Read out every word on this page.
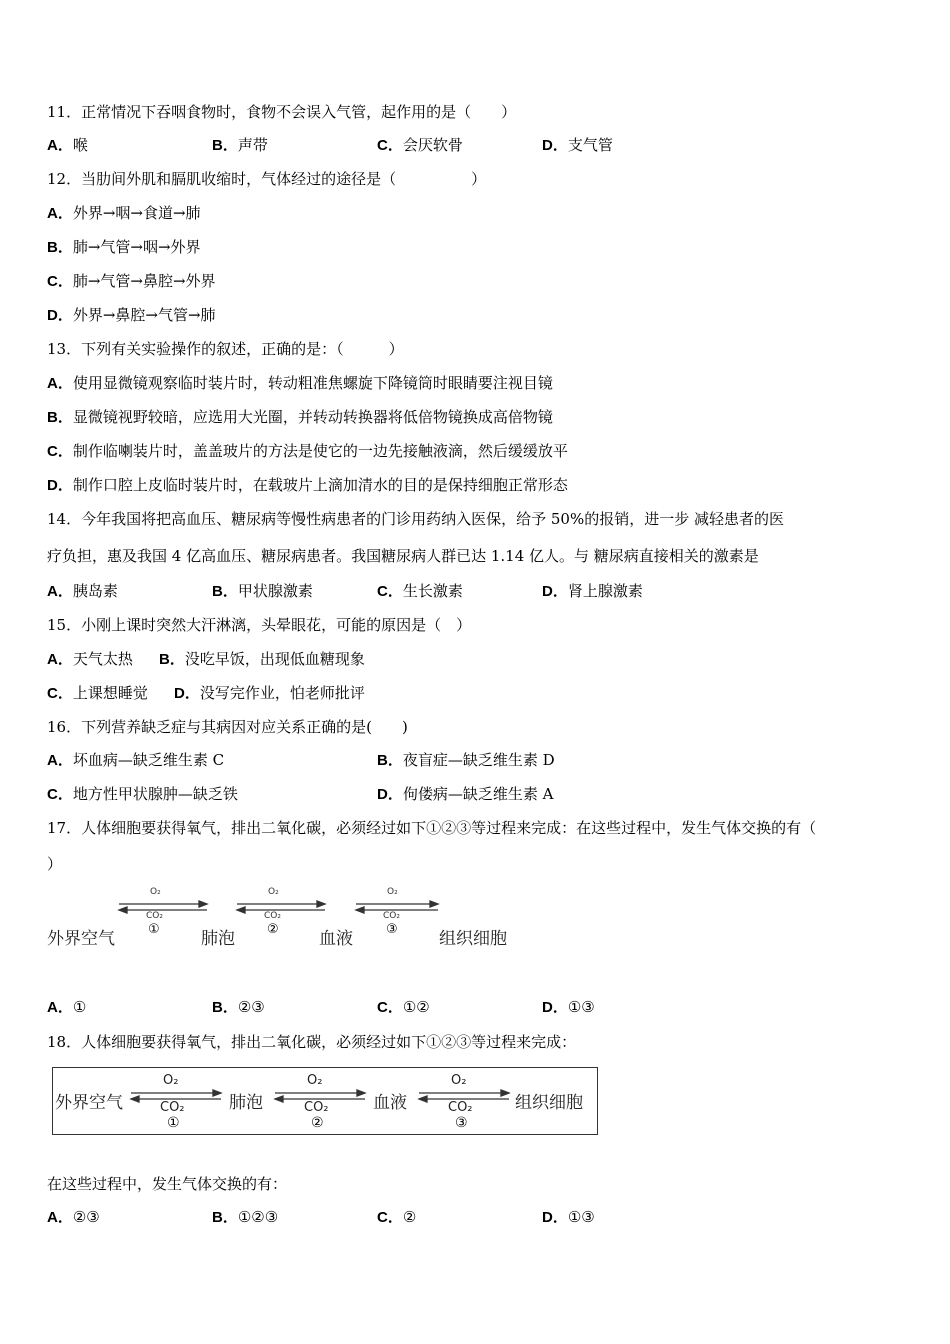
11．正常情况下吞咽食物时，食物不会误入气管，起作用的是（　　）
A．喉	B．声带	C．会厌软骨	D．支气管
12．当肋间外肌和膈肌收缩时，气体经过的途径是（　　　　　）
A．外界→咽→食道→肺
B．肺→气管→咽→外界
C．肺→气管→鼻腔→外界
D．外界→鼻腔→气管→肺
13．下列有关实验操作的叙述，正确的是：（　　　）
A．使用显微镜观察临时装片时，转动粗准焦螺旋下降镜筒时眼睛要注视目镜
B．显微镜视野较暗，应选用大光圈，并转动转换器将低倍物镜换成高倍物镜
C．制作临喇装片时，盖盖玻片的方法是使它的一边先接触液滴，然后缓缓放平
D．制作口腔上皮临时装片时，在载玻片上滴加清水的目的是保持细胞正常形态
14．今年我国将把高血压、糖尿病等慢性病患者的门诊用药纳入医保，给予 50%的报销，进一步 减轻患者的医
疗负担，惠及我国 4 亿高血压、糖尿病患者。我国糖尿病人群已达 1.14 亿人。与 糖尿病直接相关的激素是
A．胰岛素	B．甲状腺激素	C．生长激素	D．肾上腺激素
15．小刚上课时突然大汗淋漓，头晕眼花，可能的原因是（　）
A．天气太热 B．没吃早饭，出现低血糖现象
C．上课想睡觉 D．没写完作业，怕老师批评
16．下列营养缺乏症与其病因对应关系正确的是(　　)
A．坏血病—缺乏维生素 C	B．夜盲症—缺乏维生素 D
C．地方性甲状腺肿—缺乏铁	D．佝偻病—缺乏维生素 A
17．人体细胞要获得氧气，排出二氧化碳，必须经过如下①②③等过程来完成：在这些过程中，发生气体交换的有（
）
O₂
CO₂
O₂
CO₂
O₂
CO₂
外界空气	① 肺泡 ② 血液	③ 组织细胞
A．①	B．②③	C．①②	D．①③
18．人体细胞要获得氧气，排出二氧化碳，必须经过如下①②③等过程来完成：
O₂
CO₂
O₂
CO₂
O₂
CO₂
外界空气
①
肺泡
②
血液
③
组织细胞
在这些过程中，发生气体交换的有：
A．②③	B．①②③	C．②	D．①③
